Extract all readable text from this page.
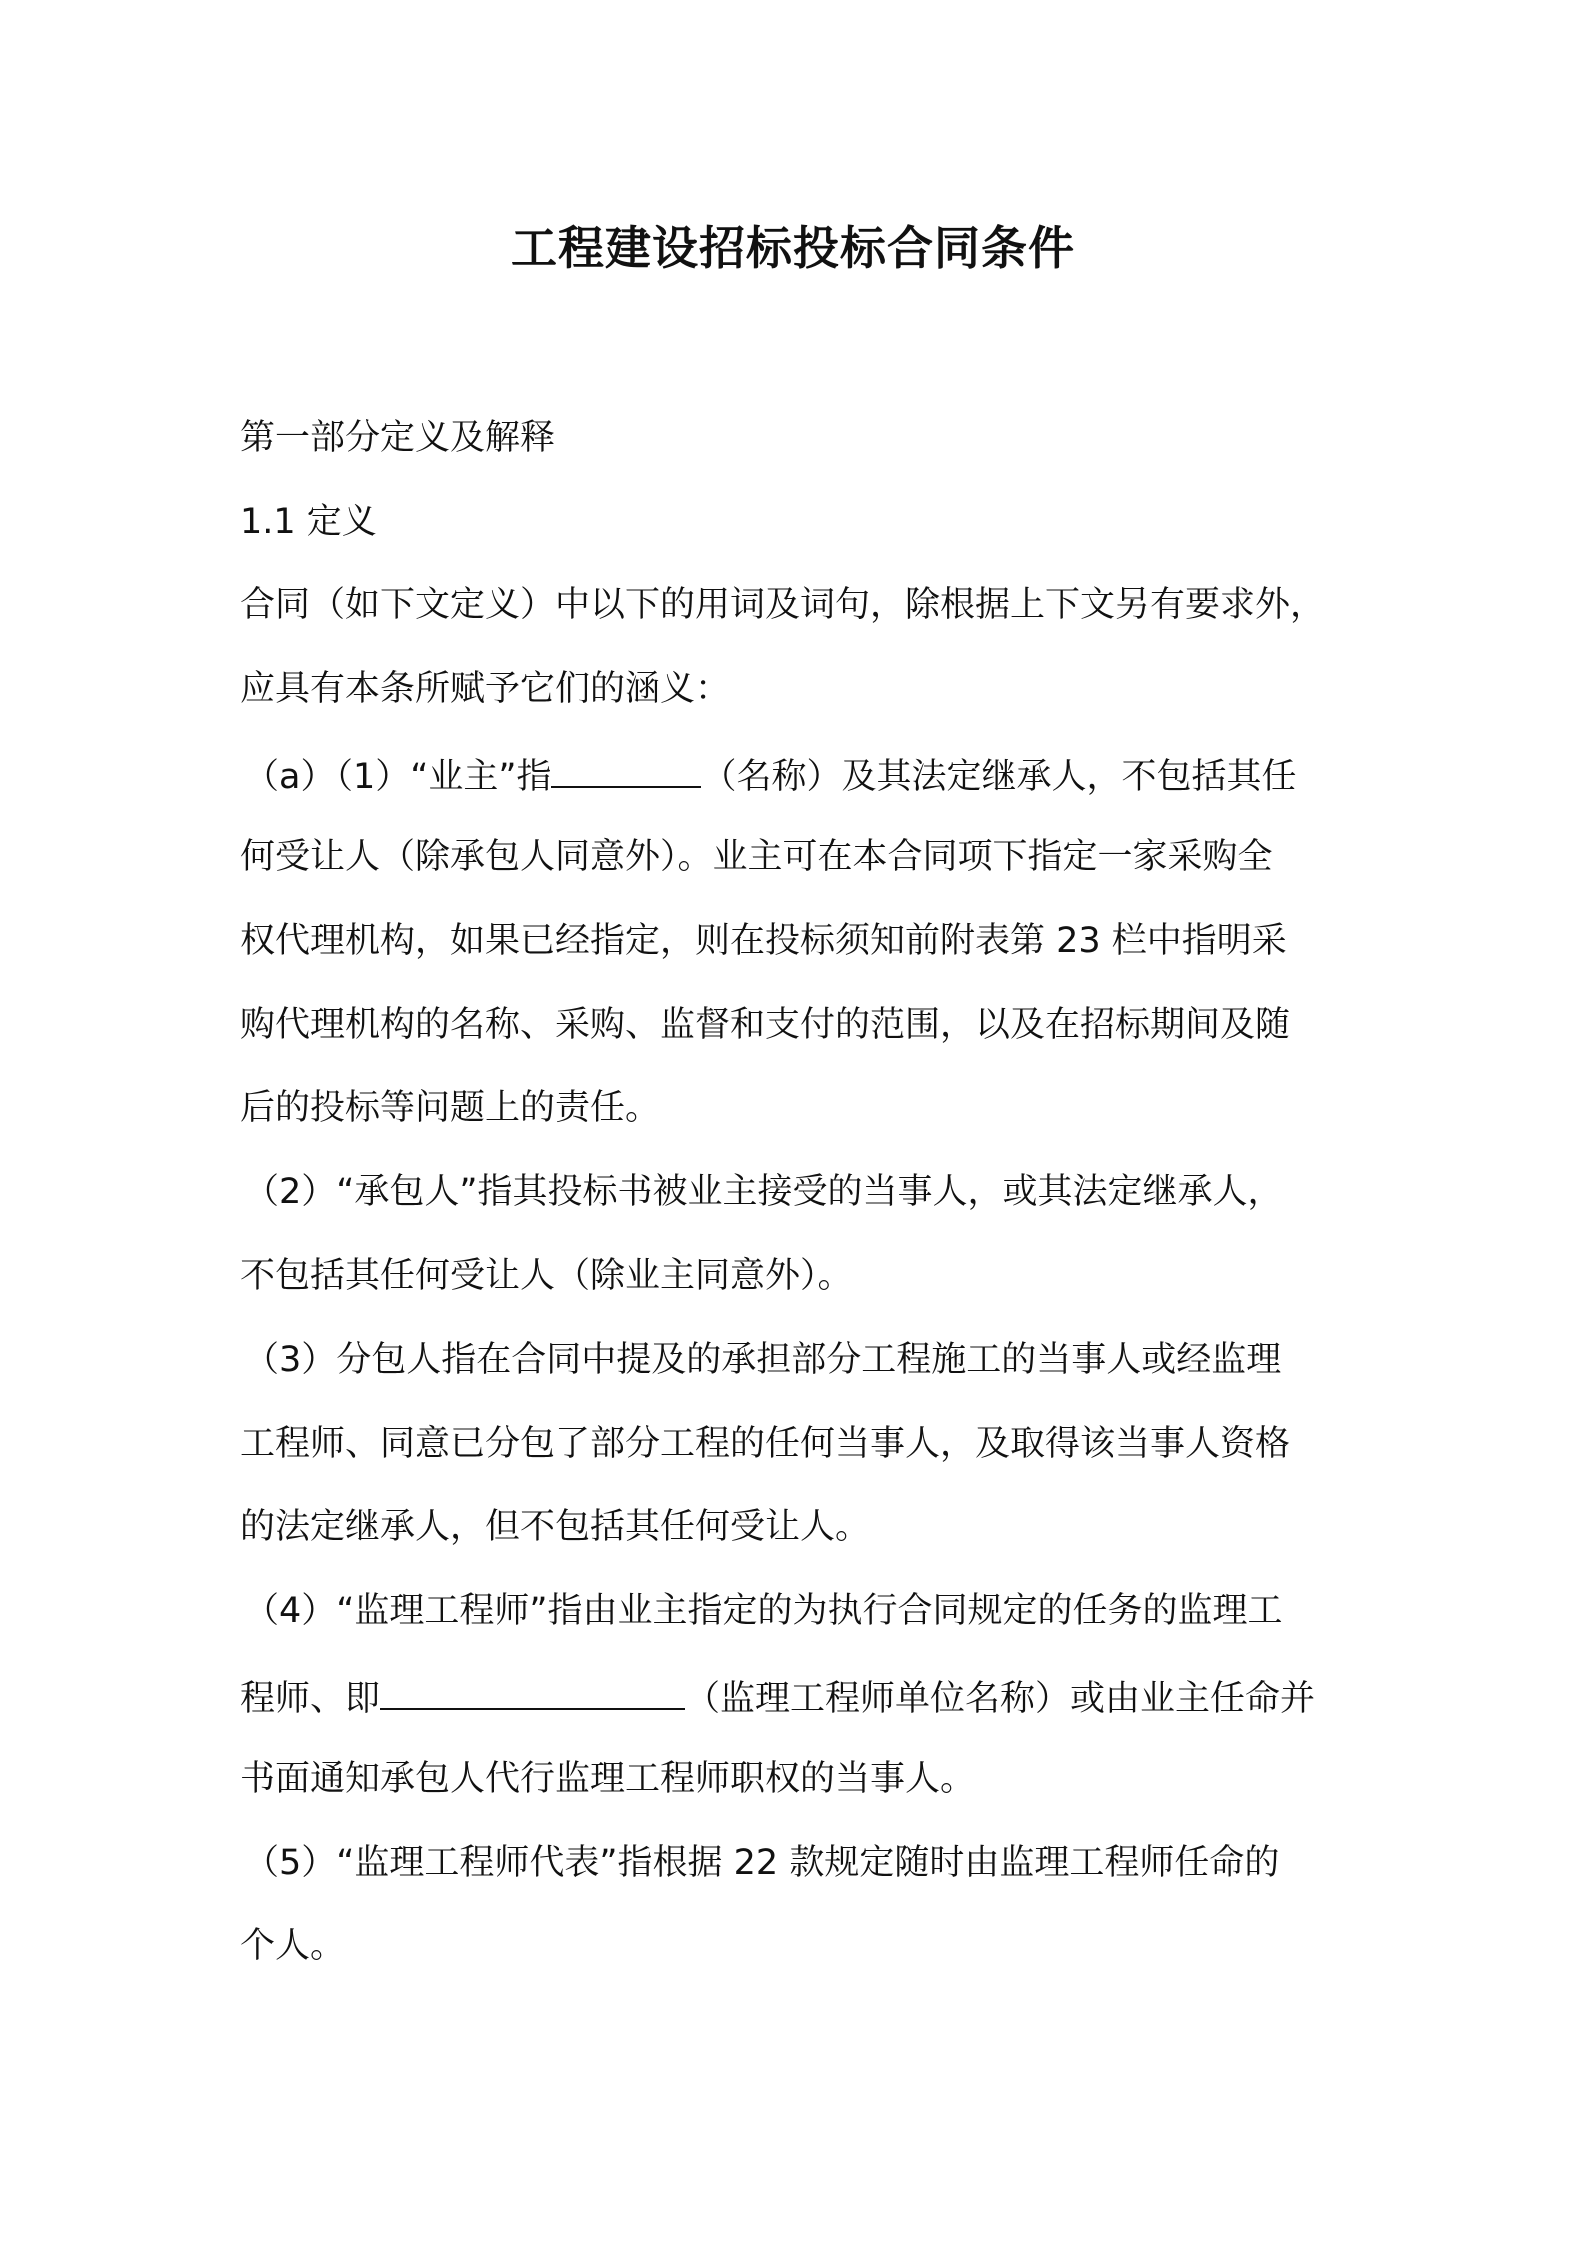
工程建设招标投标合同条件

第一部分定义及解释

1.1 定义

合同（如下文定义）中以下的用词及词句，除根据上下文另有要求外，

应具有本条所赋予它们的涵义：

（a）（1）“业主”指	（名称）及其法定继承人，不包括其任

何受让人（除承包人同意外）。业主可在本合同项下指定一家采购全

权代理机构，如果已经指定，则在投标须知前附表第 23 栏中指明采

购代理机构的名称、采购、监督和支付的范围，以及在招标期间及随

后的投标等问题上的责任。

（2）“承包人”指其投标书被业主接受的当事人，或其法定继承人，

不包括其任何受让人（除业主同意外）。

（3）分包人指在合同中提及的承担部分工程施工的当事人或经监理

工程师、同意已分包了部分工程的任何当事人，及取得该当事人资格

的法定继承人，但不包括其任何受让人。

（4）“监理工程师”指由业主指定的为执行合同规定的任务的监理工

程师、即	（监理工程师单位名称）或由业主任命并

书面通知承包人代行监理工程师职权的当事人。

（5）“监理工程师代表”指根据 22 款规定随时由监理工程师任命的

个人。
